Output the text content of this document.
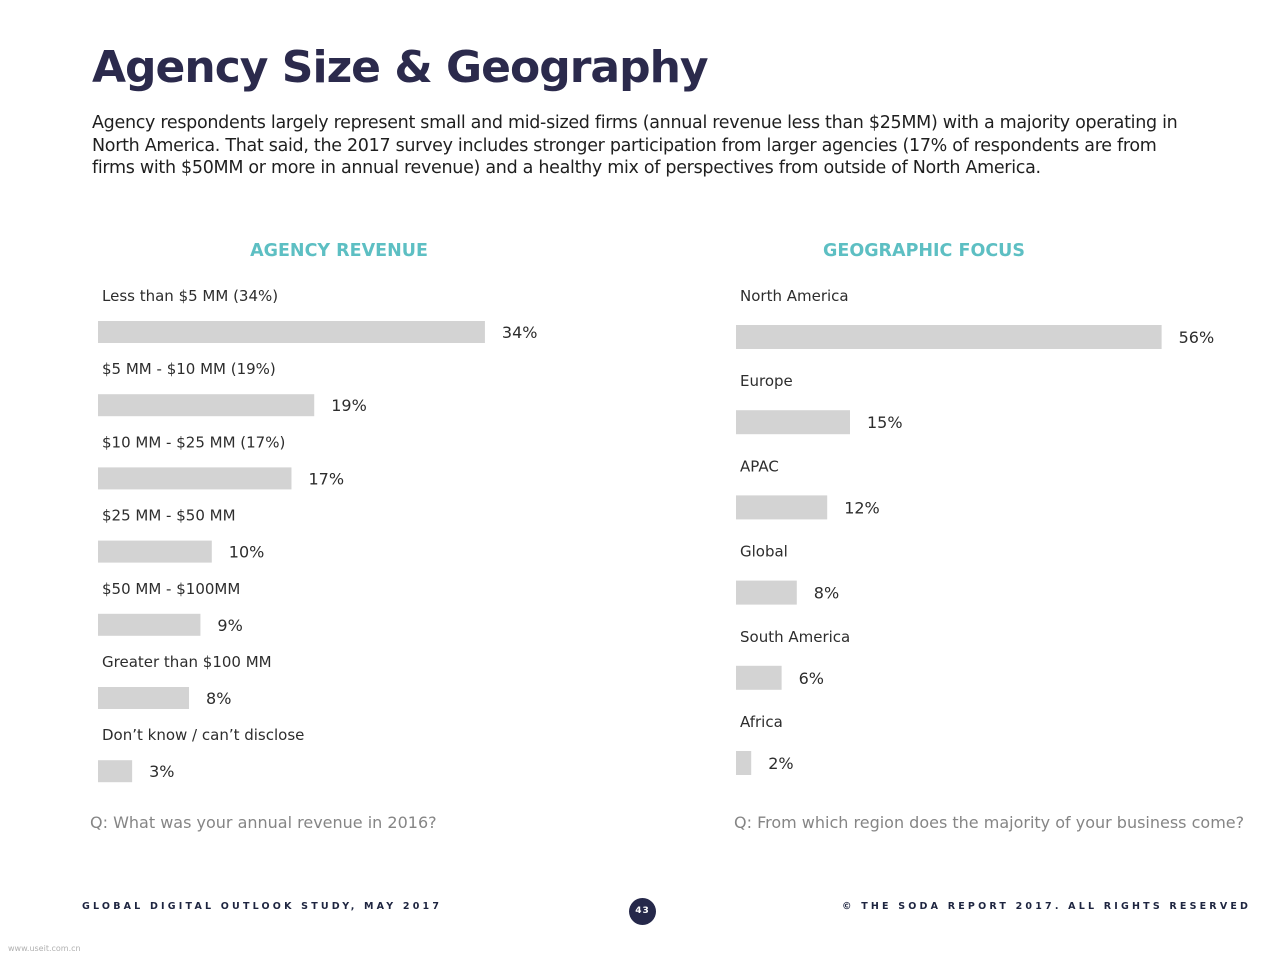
Agency Size & Geography
Agency respondents largely represent small and mid-sized firms (annual revenue less than $25MM) with a majority operating in North America. That said, the 2017 survey includes stronger participation from larger agencies (17% of respondents are from firms with $50MM or more in annual revenue) and a healthy mix of perspectives from outside of North America.
AGENCY REVENUE	GEOGRAPHIC FOCUS
Less than $5 MM (34%)
34%
$5 MM - $10 MM (19%)
19%
$10 MM - $25 MM (17%)
17%
$25 MM - $50 MM
10%
$50 MM - $100MM
9%
Greater than $100 MM
8%
Don’t know / can’t disclose
3%
North America
56%
Europe
15%
APAC
12%
Global
8%
South America
6%
Africa
2%
Q: What was your annual revenue in 2016?	Q: From which region does the majority of your business come?
GLOBAL DIGITAL OUTLOOK STUDY, MAY 2017	43	© THE SODA REPORT 2017. ALL RIGHTS RESERVED
www.useit.com.cn
